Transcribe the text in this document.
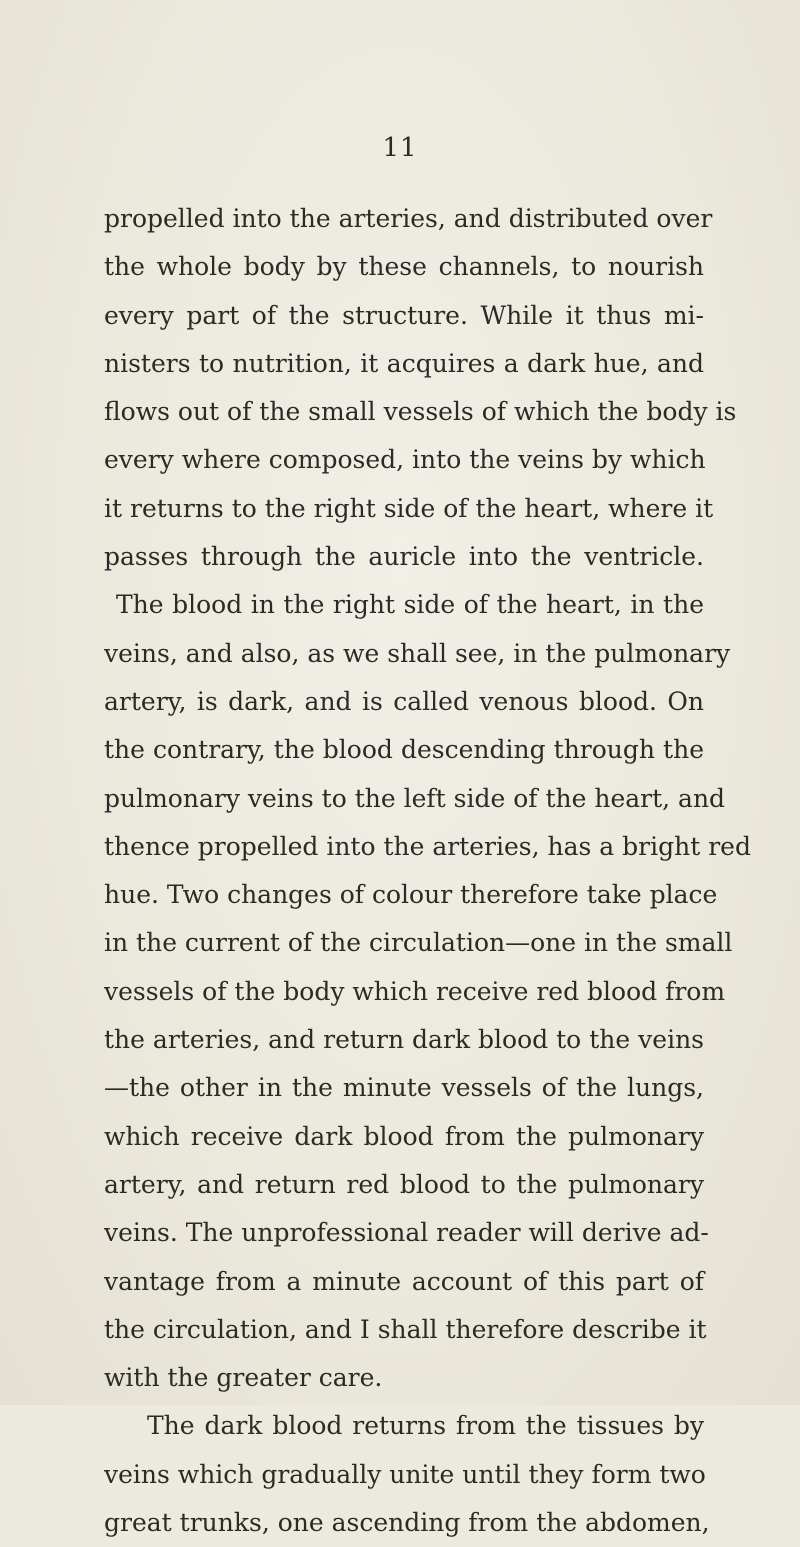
11
propelled into the arteries, and distributed over
the whole body by these channels, to nourish
every part of the structure. While it thus mi-
nisters to nutrition, it acquires a dark hue, and
flows out of the small vessels of which the body is
every where composed, into the veins by which
it returns to the right side of the heart, where it
passes through the auricle into the ventricle.
The blood in the right side of the heart, in the
veins, and also, as we shall see, in the pulmonary
artery, is dark, and is called venous blood. On
the contrary, the blood descending through the
pulmonary veins to the left side of the heart, and
thence propelled into the arteries, has a bright red
hue. Two changes of colour therefore take place
in the current of the circulation—one in the small
vessels of the body which receive red blood from
the arteries, and return dark blood to the veins
—the other in the minute vessels of the lungs,
which receive dark blood from the pulmonary
artery, and return red blood to the pulmonary
veins. The unprofessional reader will derive ad-
vantage from a minute account of this part of
the circulation, and I shall therefore describe it
with the greater care.
The dark blood returns from the tissues by
veins which gradually unite until they form two
great trunks, one ascending from the abdomen,
